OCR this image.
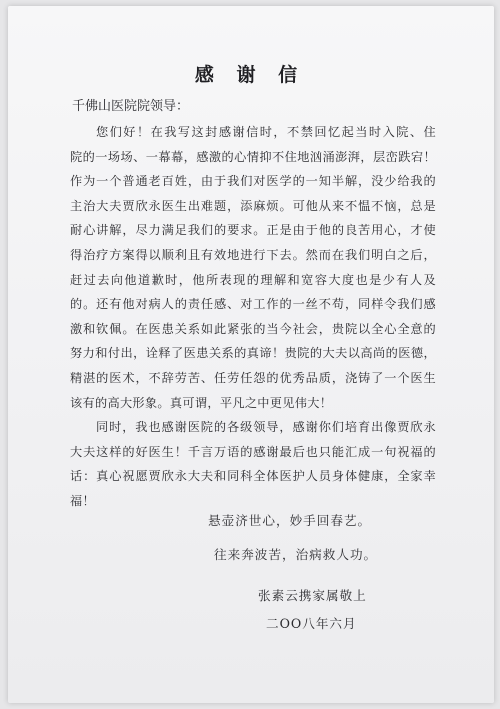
感 谢 信
千佛山医院院领导：
您们好！在我写这封感谢信时，不禁回忆起当时入院、住
院的一场场、一幕幕，感激的心情抑不住地汹涌澎湃，层峦跌宕！
作为一个普通老百姓，由于我们对医学的一知半解，没少给我的
主治大夫贾欣永医生出难题，添麻烦。可他从来不愠不恼，总是
耐心讲解，尽力满足我们的要求。正是由于他的良苦用心，才使
得治疗方案得以顺利且有效地进行下去。然而在我们明白之后，
赶过去向他道歉时，他所表现的理解和宽容大度也是少有人及
的。还有他对病人的责任感、对工作的一丝不苟，同样令我们感
激和钦佩。在医患关系如此紧张的当今社会，贵院以全心全意的
努力和付出，诠释了医患关系的真谛！贵院的大夫以高尚的医德，
精湛的医术，不辞劳苦、任劳任怨的优秀品质，浇铸了一个医生
该有的高大形象。真可谓，平凡之中更见伟大！
同时，我也感谢医院的各级领导，感谢你们培育出像贾欣永
大夫这样的好医生！千言万语的感谢最后也只能汇成一句祝福的
话：真心祝愿贾欣永大夫和同科全体医护人员身体健康，全家幸
福！
悬壶济世心，妙手回春艺。
往来奔波苦，治病救人功。
张素云携家属敬上
二OO八年六月
